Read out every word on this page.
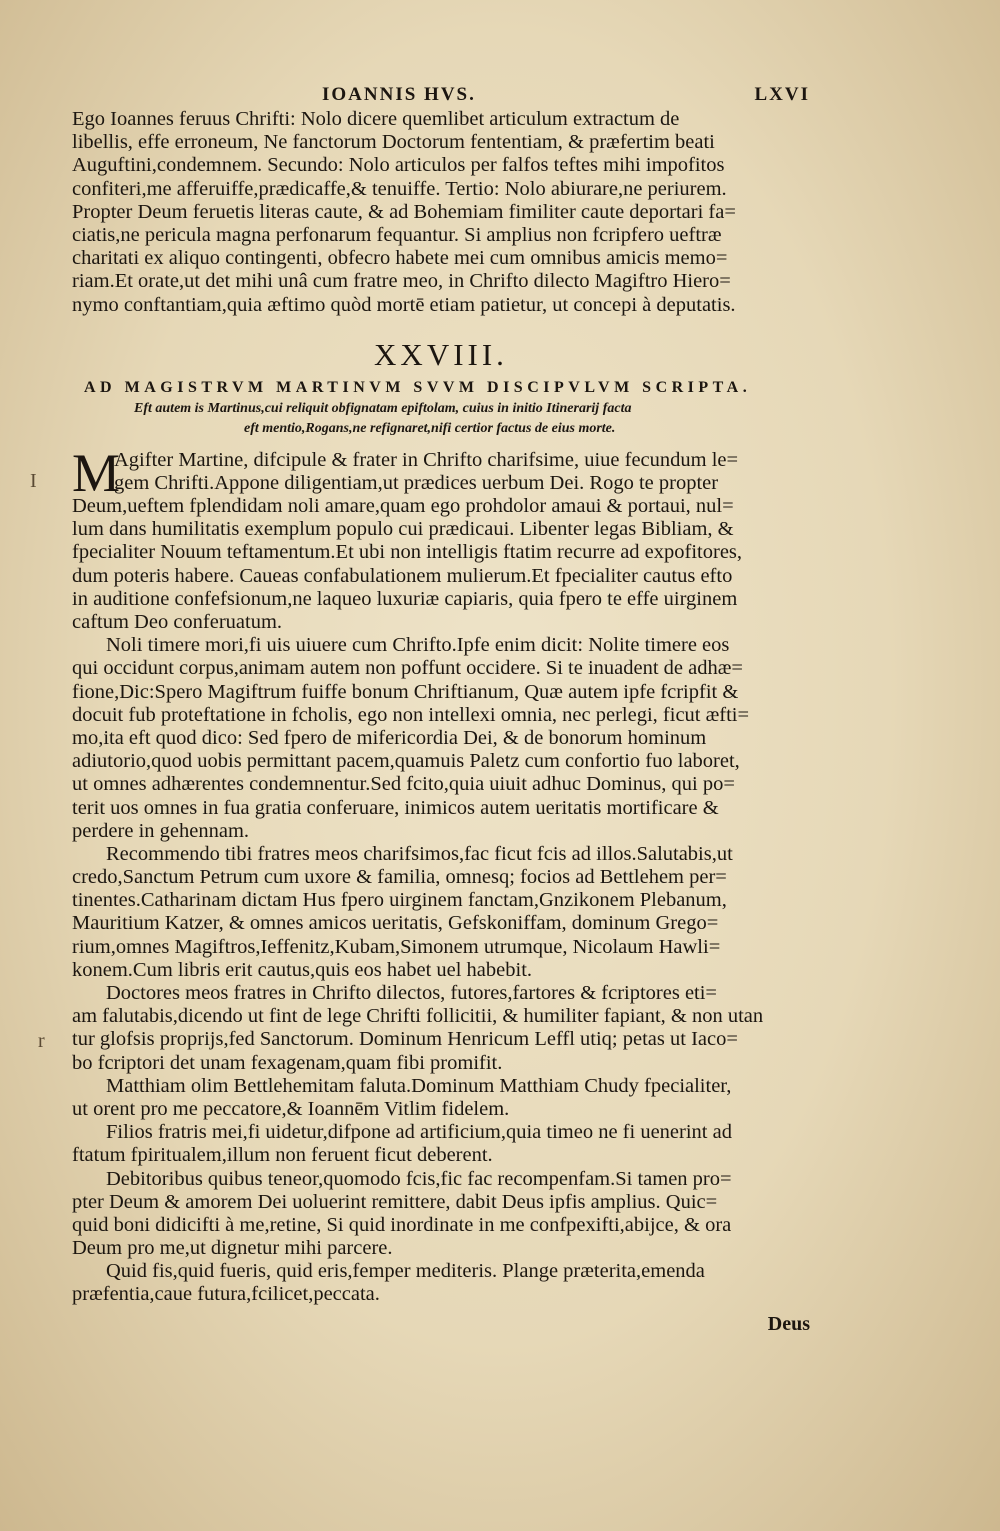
IOANNIS HVS.	LXVI
Ego Ioannes feruus Chrifti: Nolo dicere quemlibet articulum extractum de
libellis, effe erroneum, Ne fanctorum Doctorum fententiam, & præfertim beati
Auguftini,condemnem. Secundo: Nolo articulos per falfos teftes mihi impofitos
confiteri,me afferuiffe,prædicaffe,& tenuiffe. Tertio: Nolo abiurare,ne periurem.
Propter Deum feruetis literas caute, & ad Bohemiam fimiliter caute deportari fa=
ciatis,ne pericula magna perfonarum fequantur. Si amplius non fcripfero ueftræ
charitati ex aliquo contingenti, obfecro habete mei cum omnibus amicis memo=
riam.Et orate,ut det mihi unâ cum fratre meo, in Chrifto dilecto Magiftro Hiero=
nymo conftantiam,quia æftimo quòd mortē etiam patietur, ut concepi à deputatis.
XXVIII.
AD MAGISTRVM MARTINVM SVVM DISCIPVLVM SCRIPTA.
Eft autem is Martinus,cui reliquit obfignatam epiftolam, cuius in initio Itinerarij facta
eft mentio,Rogans,ne refignaret,nifi certior factus de eius morte.
M
Agifter Martine, difcipule & frater in Chrifto charifsime, uiue fecundum le=
gem Chrifti.Appone diligentiam,ut prædices uerbum Dei. Rogo te propter
Deum,ueftem fplendidam noli amare,quam ego prohdolor amaui & portaui, nul=
lum dans humilitatis exemplum populo cui prædicaui. Libenter legas Bibliam, &
fpecialiter Nouum teftamentum.Et ubi non intelligis ftatim recurre ad expofitores,
dum poteris habere. Caueas confabulationem mulierum.Et fpecialiter cautus efto
in auditione confefsionum,ne laqueo luxuriæ capiaris, quia fpero te effe uirginem
caftum Deo conferuatum.
Noli timere mori,fi uis uiuere cum Chrifto.Ipfe enim dicit: Nolite timere eos
qui occidunt corpus,animam autem non poffunt occidere. Si te inuadent de adhæ=
fione,Dic:Spero Magiftrum fuiffe bonum Chriftianum, Quæ autem ipfe fcripfit &
docuit fub proteftatione in fcholis, ego non intellexi omnia, nec perlegi, ficut æfti=
mo,ita eft quod dico: Sed fpero de mifericordia Dei, & de bonorum hominum
adiutorio,quod uobis permittant pacem,quamuis Paletz cum confortio fuo laboret,
ut omnes adhærentes condemnentur.Sed fcito,quia uiuit adhuc Dominus, qui po=
terit uos omnes in fua gratia conferuare, inimicos autem ueritatis mortificare &
perdere in gehennam.
Recommendo tibi fratres meos charifsimos,fac ficut fcis ad illos.Salutabis,ut
credo,Sanctum Petrum cum uxore & familia, omnesq; focios ad Bettlehem per=
tinentes.Catharinam dictam Hus fpero uirginem fanctam,Gnzikonem Plebanum,
Mauritium Katzer, & omnes amicos ueritatis, Gefskoniffam, dominum Grego=
rium,omnes Magiftros,Ieffenitz,Kubam,Simonem utrumque, Nicolaum Hawli=
konem.Cum libris erit cautus,quis eos habet uel habebit.
Doctores meos fratres in Chrifto dilectos, futores,fartores & fcriptores eti=
am falutabis,dicendo ut fint de lege Chrifti follicitii, & humiliter fapiant, & non utan
tur glofsis proprijs,fed Sanctorum. Dominum Henricum Leffl utiq; petas ut Iaco=
bo fcriptori det unam fexagenam,quam fibi promifit.
Matthiam olim Bettlehemitam faluta.Dominum Matthiam Chudy fpecialiter,
ut orent pro me peccatore,& Ioannēm Vitlim fidelem.
Filios fratris mei,fi uidetur,difpone ad artificium,quia timeo ne fi uenerint ad
ftatum fpiritualem,illum non feruent ficut deberent.
Debitoribus quibus teneor,quomodo fcis,fic fac recompenfam.Si tamen pro=
pter Deum & amorem Dei uoluerint remittere, dabit Deus ipfis amplius. Quic=
quid boni didicifti à me,retine, Si quid inordinate in me confpexifti,abijce, & ora
Deum pro me,ut dignetur mihi parcere.
Quid fis,quid fueris, quid eris,femper mediteris. Plange præterita,emenda
præfentia,caue futura,fcilicet,peccata.
Deus
I
r
